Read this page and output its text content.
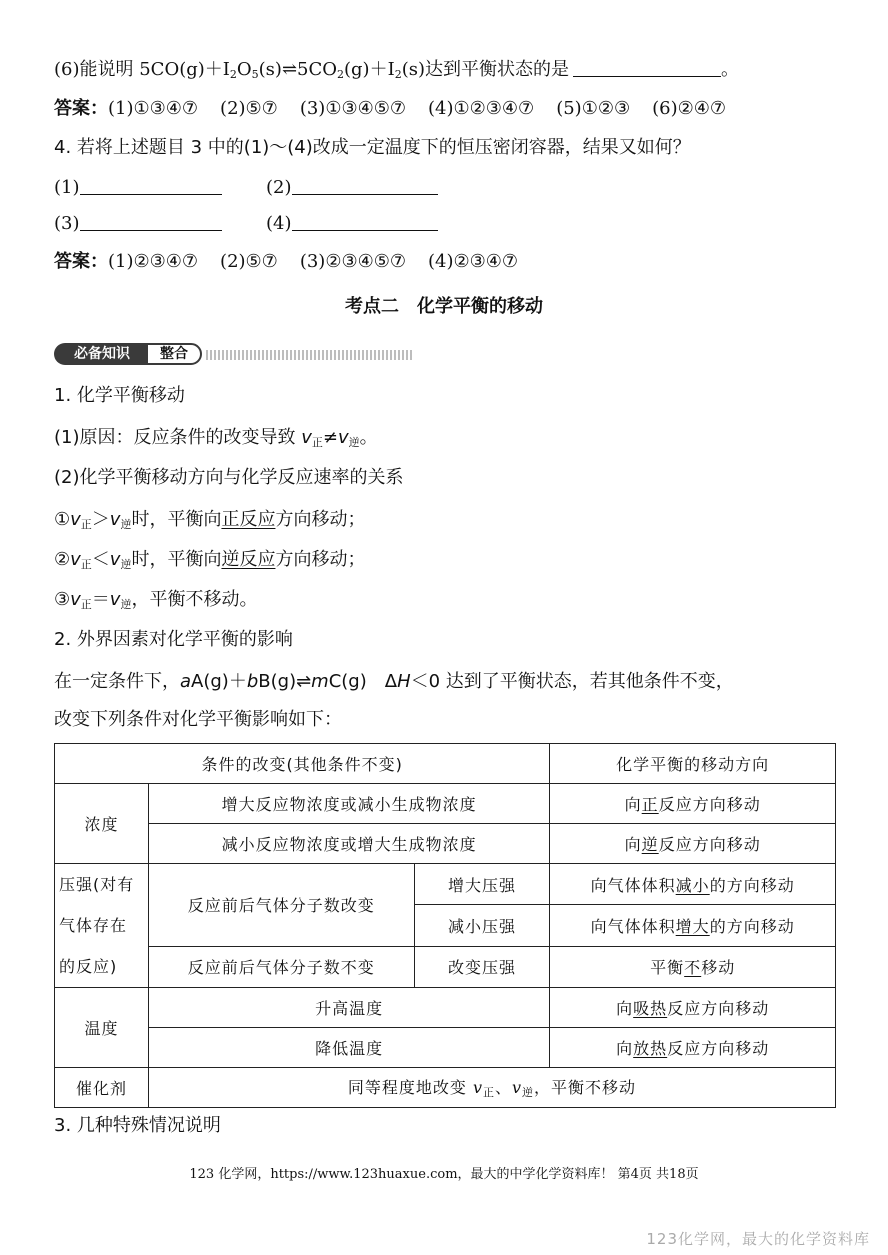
(6)能说明 $5CO(g)+I_2O_5(s)\rightleftharpoons 5CO_2(g)+I_2(s)$达到平衡状态的是	。
答案：(1)①③④⑦ (2)⑤⑦ (3)①③④⑤⑦ (4)①②③④⑦ (5)①②③ (6)②④⑦
4. 若将上述题目 3 中的(1)～(4)改成一定温度下的恒压密闭容器，结果又如何？
(1)	(2)
(3)	(4)
答案：(1)②③④⑦ (2)⑤⑦ (3)②③④⑤⑦ (4)②③④⑦
考点二　化学平衡的移动
必备知识	整合
1. 化学平衡移动
(1)原因：反应条件的改变导致 $v_正\ne v_逆$。
(2)化学平衡移动方向与化学反应速率的关系
$①v_正>v_逆$时，平衡向正反应方向移动；
$②v_正<v_逆$时，平衡向逆反应方向移动；
$③v_正=v_逆$，平衡不移动。
2. 外界因素对化学平衡的影响
在一定条件下，aA(g)＋bB(g)⇌mC(g)　ΔH＜0 达到了平衡状态，若其他条件不变，
改变下列条件对化学平衡影响如下：
条件的改变(其他条件不变)			化学平衡的移动方向
浓度	增大反应物浓度或减小生成物浓度		向正反应方向移动
	减小反应物浓度或增大生成物浓度		向逆反应方向移动
压强(对有气体存在的反应)	反应前后气体分子数改变	增大压强	向气体体积减小的方向移动
		减小压强	向气体体积增大的方向移动
	反应前后气体分子数不变	改变压强	平衡不移动
温度	升高温度		向吸热反应方向移动
	降低温度		向放热反应方向移动
催化剂	同等程度地改变 $v_正$、$v_逆$，平衡不移动		
3. 几种特殊情况说明
123 化学网，https://www.123huaxue.com，最大的中学化学资料库！ 第4页 共18页
123化学网，最大的化学资料库
